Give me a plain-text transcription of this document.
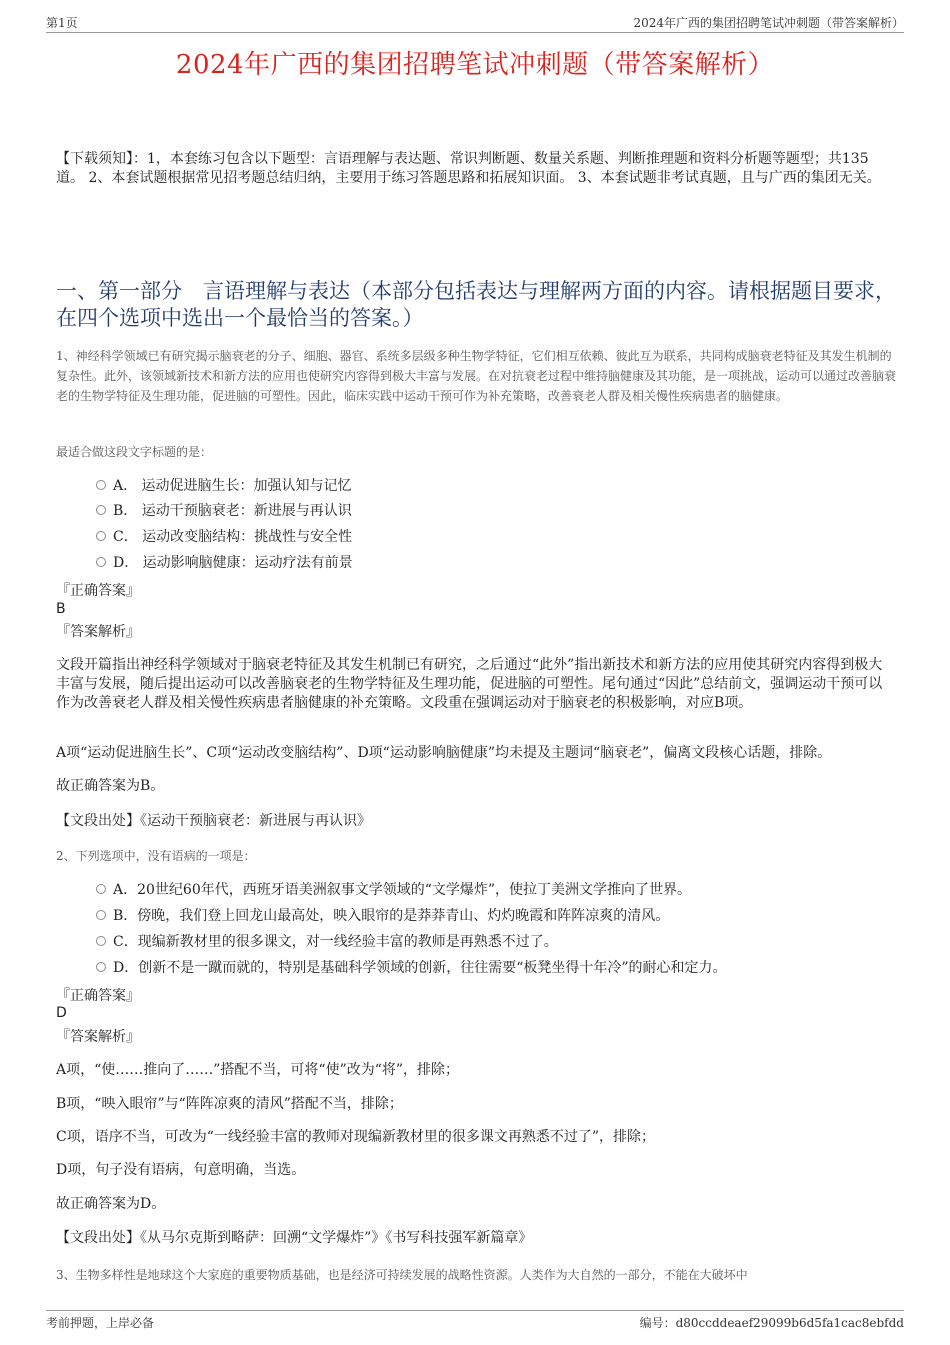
第1页	2024年广西的集团招聘笔试冲刺题（带答案解析）
2024年广西的集团招聘笔试冲刺题（带答案解析）
【下载须知】：1，本套练习包含以下题型：言语理解与表达题、常识判断题、数量关系题、判断推理题和资料分析题等题型；共135道。 2、本套试题根据常见招考题总结归纳，主要用于练习答题思路和拓展知识面。 3、本套试题非考试真题，且与广西的集团无关。
一、第一部分　言语理解与表达（本部分包括表达与理解两方面的内容。请根据题目要求，在四个选项中选出一个最恰当的答案。）
1、神经科学领域已有研究揭示脑衰老的分子、细胞、器官、系统多层级多种生物学特征，它们相互依赖、彼此互为联系，共同构成脑衰老特征及其发生机制的复杂性。此外，该领域新技术和新方法的应用也使研究内容得到极大丰富与发展。在对抗衰老过程中维持脑健康及其功能，是一项挑战，运动可以通过改善脑衰老的生物学特征及生理功能，促进脑的可塑性。因此，临床实践中运动干预可作为补充策略，改善衰老人群及相关慢性疾病患者的脑健康。
最适合做这段文字标题的是：
A． 运动促进脑生长：加强认知与记忆
B． 运动干预脑衰老：新进展与再认识
C． 运动改变脑结构：挑战性与安全性
D． 运动影响脑健康：运动疗法有前景
『正确答案』
B
『答案解析』
文段开篇指出神经科学领域对于脑衰老特征及其发生机制已有研究，之后通过“此外”指出新技术和新方法的应用使其研究内容得到极大丰富与发展，随后提出运动可以改善脑衰老的生物学特征及生理功能，促进脑的可塑性。尾句通过“因此”总结前文，强调运动干预可以作为改善衰老人群及相关慢性疾病患者脑健康的补充策略。文段重在强调运动对于脑衰老的积极影响，对应B项。
A项“运动促进脑生长”、C项“运动改变脑结构”、D项“运动影响脑健康”均未提及主题词“脑衰老”，偏离文段核心话题，排除。
故正确答案为B。
【文段出处】《运动干预脑衰老：新进展与再认识》
2、下列选项中，没有语病的一项是：
A．20世纪60年代，西班牙语美洲叙事文学领域的“文学爆炸”，使拉丁美洲文学推向了世界。
B．傍晚，我们登上回龙山最高处，映入眼帘的是莽莽青山、灼灼晚霞和阵阵凉爽的清风。
C．现编新教材里的很多课文，对一线经验丰富的教师是再熟悉不过了。
D．创新不是一蹴而就的，特别是基础科学领域的创新，往往需要“板凳坐得十年冷”的耐心和定力。
『正确答案』
D
『答案解析』
A项，“使……推向了……”搭配不当，可将“使”改为“将”，排除；
B项，“映入眼帘”与“阵阵凉爽的清风”搭配不当，排除；
C项，语序不当，可改为“一线经验丰富的教师对现编新教材里的很多课文再熟悉不过了”，排除；
D项，句子没有语病，句意明确，当选。
故正确答案为D。
【文段出处】《从马尔克斯到略萨：回溯“文学爆炸”》《书写科技强军新篇章》
3、生物多样性是地球这个大家庭的重要物质基础，也是经济可持续发展的战略性资源。人类作为大自然的一部分，不能在大破坏中
考前押题，上岸必备	编号：d80ccddeaef29099b6d5fa1cac8ebfdd
